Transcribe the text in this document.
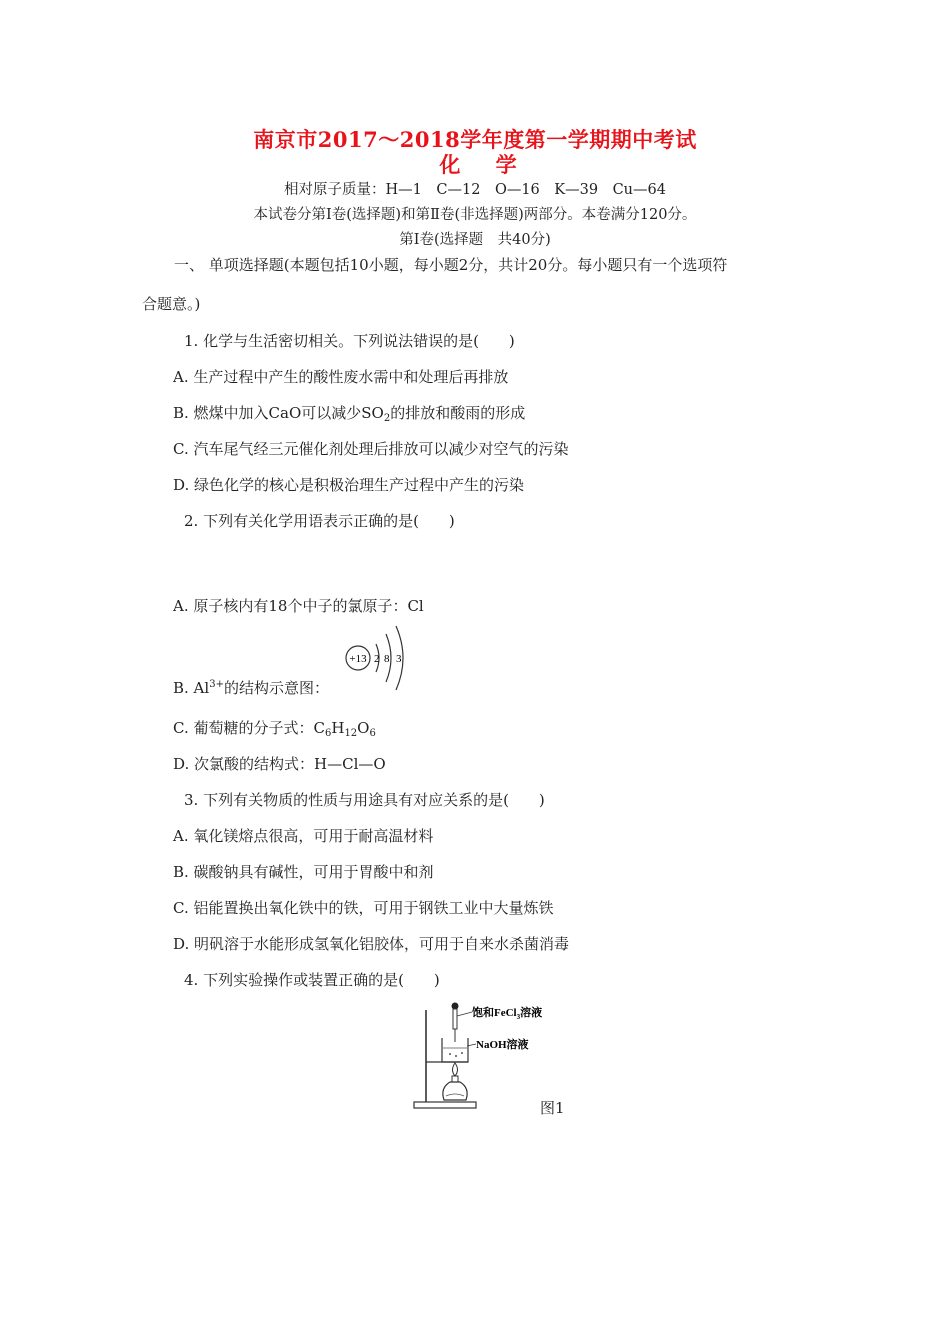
南京市2017～2018学年度第一学期期中考试
化 学
相对原子质量：H—1　C—12　O—16　K—39　Cu—64
本试卷分第Ⅰ卷(选择题)和第Ⅱ卷(非选择题)两部分。本卷满分120分。
第Ⅰ卷(选择题　共40分)
一、 单项选择题(本题包括10小题，每小题2分，共计20分。每小题只有一个选项符
合题意。)
1. 化学与生活密切相关。下列说法错误的是(　　)
A. 生产过程中产生的酸性废水需中和处理后再排放
B. 燃煤中加入CaO可以减少$SO_2$的排放和酸雨的形成
C. 汽车尾气经三元催化剂处理后排放可以减少对空气的污染
D. 绿色化学的核心是积极治理生产过程中产生的污染
2. 下列有关化学用语表示正确的是(　　)
A. 原子核内有18个中子的氯原子：Cl
B. $Al^{3+}$的结构示意图：
+13 2 8 3
C. 葡萄糖的分子式：$C_6H_{12}O_6$
D. 次氯酸的结构式：H—Cl—O
3. 下列有关物质的性质与用途具有对应关系的是(　　)
A. 氧化镁熔点很高，可用于耐高温材料
B. 碳酸钠具有碱性，可用于胃酸中和剂
C. 铝能置换出氧化铁中的铁，可用于钢铁工业中大量炼铁
D. 明矾溶于水能形成氢氧化铝胶体，可用于自来水杀菌消毒
4. 下列实验操作或装置正确的是(　　)
饱和FeCl$_3$溶液
NaOH溶液
图1
